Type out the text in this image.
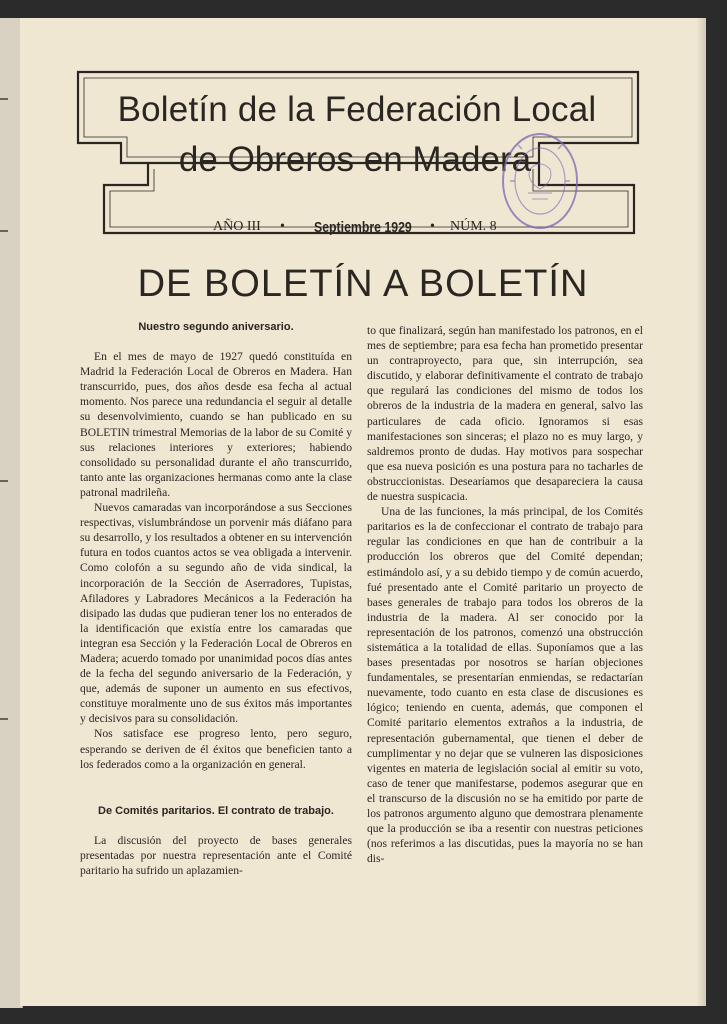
Boletín de la Federación Local
de Obreros en Madera
AÑO III • Septiembre 1929 • NÚM. 8
DE BOLETÍN A BOLETÍN

Nuestro segundo aniversario.

En el mes de mayo de 1927 quedó constituída en Madrid la Federación Local de Obreros en Madera. Han transcurrido, pues, dos años desde esa fecha al actual momento. Nos parece una redundancia el seguir al detalle su desenvolvimiento, cuando se han publicado en su BOLETIN trimestral Memorias de la labor de su Comité y sus relaciones interiores y exteriores; habiendo consolidado su personalidad durante el año transcurrido, tanto ante las organizaciones hermanas como ante la clase patronal madrileña.

Nuevos camaradas van incorporándose a sus Secciones respectivas, vislumbrándose un porvenir más diáfano para su desarrollo, y los resultados a obtener en su intervención futura en todos cuantos actos se vea obligada a intervenir. Como colofón a su segundo año de vida sindical, la incorporación de la Sección de Aserradores, Tupistas, Afiladores y Labradores Mecánicos a la Federación ha disipado las dudas que pudieran tener los no enterados de la identificación que existía entre los camaradas que integran esa Sección y la Federación Local de Obreros en Madera; acuerdo tomado por unanimidad pocos días antes de la fecha del segundo aniversario de la Federación, y que, además de suponer un aumento en sus efectivos, constituye moralmente uno de sus éxitos más importantes y decisivos para su consolidación.

Nos satisface ese progreso lento, pero seguro, esperando se deriven de él éxitos que beneficien tanto a los federados como a la organización en general.

De Comités paritarios. El contrato de trabajo.

La discusión del proyecto de bases generales presentadas por nuestra representación ante el Comité paritario ha sufrido un aplazamien-

to que finalizará, según han manifestado los patronos, en el mes de septiembre; para esa fecha han prometido presentar un contraproyecto, para que, sin interrupción, sea discutido, y elaborar definitivamente el contrato de trabajo que regulará las condiciones del mismo de todos los obreros de la industria de la madera en general, salvo las particulares de cada oficio. Ignoramos si esas manifestaciones son sinceras; el plazo no es muy largo, y saldremos pronto de dudas. Hay motivos para sospechar que esa nueva posición es una postura para no tacharles de obstruccionistas. Desearíamos que desapareciera la causa de nuestra suspicacia.

Una de las funciones, la más principal, de los Comités paritarios es la de confeccionar el contrato de trabajo para regular las condiciones en que han de contribuir a la producción los obreros que del Comité dependan; estimándolo así, y a su debido tiempo y de común acuerdo, fué presentado ante el Comité paritario un proyecto de bases generales de trabajo para todos los obreros de la industria de la madera. Al ser conocido por la representación de los patronos, comenzó una obstrucción sistemática a la totalidad de ellas. Suponíamos que a las bases presentadas por nosotros se harían objeciones fundamentales, se presentarían enmiendas, se redactarían nuevamente, todo cuanto en esta clase de discusiones es lógico; teniendo en cuenta, además, que componen el Comité paritario elementos extraños a la industria, de representación gubernamental, que tienen el deber de cumplimentar y no dejar que se vulneren las disposiciones vigentes en materia de legislación social al emitir su voto, caso de tener que manifestarse, podemos asegurar que en el transcurso de la discusión no se ha emitido por parte de los patronos argumento alguno que demostrara plenamente que la producción se iba a resentir con nuestras peticiones (nos referimos a las discutidas, pues la mayoría no se han dis-
